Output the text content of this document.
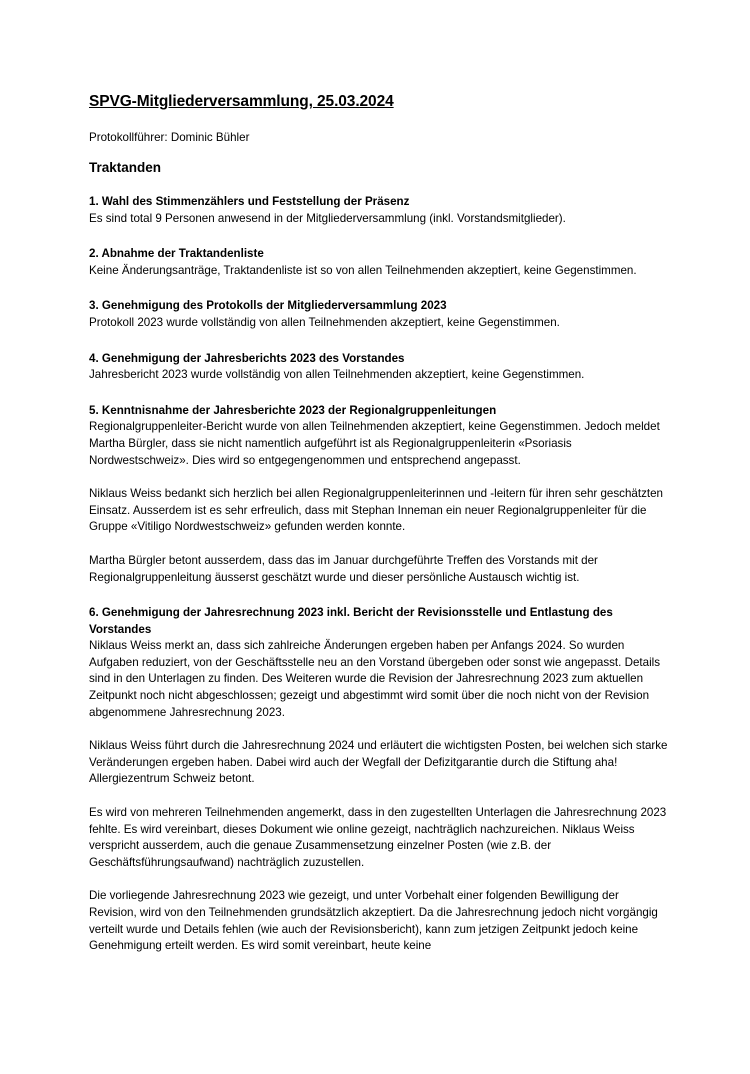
SPVG-Mitgliederversammlung, 25.03.2024

Protokollführer: Dominic Bühler

Traktanden

1. Wahl des Stimmenzählers und Feststellung der Präsenz

Es sind total 9 Personen anwesend in der Mitgliederversammlung (inkl. Vorstandsmitglieder).

2. Abnahme der Traktandenliste

Keine Änderungsanträge, Traktandenliste ist so von allen Teilnehmenden akzeptiert, keine Gegenstimmen.

3. Genehmigung des Protokolls der Mitgliederversammlung 2023

Protokoll 2023 wurde vollständig von allen Teilnehmenden akzeptiert, keine Gegenstimmen.

4. Genehmigung der Jahresberichts 2023 des Vorstandes

Jahresbericht 2023 wurde vollständig von allen Teilnehmenden akzeptiert, keine Gegenstimmen.

5. Kenntnisnahme der Jahresberichte 2023 der Regionalgruppenleitungen

Regionalgruppenleiter-Bericht wurde von allen Teilnehmenden akzeptiert, keine Gegenstimmen. Jedoch meldet Martha Bürgler, dass sie nicht namentlich aufgeführt ist als Regionalgruppenleiterin «Psoriasis Nordwestschweiz». Dies wird so entgegengenommen und entsprechend angepasst.

Niklaus Weiss bedankt sich herzlich bei allen Regionalgruppenleiterinnen und -leitern für ihren sehr geschätzten Einsatz. Ausserdem ist es sehr erfreulich, dass mit Stephan Inneman ein neuer Regionalgruppenleiter für die Gruppe «Vitiligo Nordwestschweiz» gefunden werden konnte.

Martha Bürgler betont ausserdem, dass das im Januar durchgeführte Treffen des Vorstands mit der Regionalgruppenleitung äusserst geschätzt wurde und dieser persönliche Austausch wichtig ist.

6. Genehmigung der Jahresrechnung 2023 inkl. Bericht der Revisionsstelle und Entlastung des Vorstandes

Niklaus Weiss merkt an, dass sich zahlreiche Änderungen ergeben haben per Anfangs 2024. So wurden Aufgaben reduziert, von der Geschäftsstelle neu an den Vorstand übergeben oder sonst wie angepasst. Details sind in den Unterlagen zu finden. Des Weiteren wurde die Revision der Jahresrechnung 2023 zum aktuellen Zeitpunkt noch nicht abgeschlossen; gezeigt und abgestimmt wird somit über die noch nicht von der Revision abgenommene Jahresrechnung 2023.

Niklaus Weiss führt durch die Jahresrechnung 2024 und erläutert die wichtigsten Posten, bei welchen sich starke Veränderungen ergeben haben. Dabei wird auch der Wegfall der Defizitgarantie durch die Stiftung aha! Allergiezentrum Schweiz betont.

Es wird von mehreren Teilnehmenden angemerkt, dass in den zugestellten Unterlagen die Jahresrechnung 2023 fehlte. Es wird vereinbart, dieses Dokument wie online gezeigt, nachträglich nachzureichen. Niklaus Weiss verspricht ausserdem, auch die genaue Zusammensetzung einzelner Posten (wie z.B. der Geschäftsführungsaufwand) nachträglich zuzustellen.

Die vorliegende Jahresrechnung 2023 wie gezeigt, und unter Vorbehalt einer folgenden Bewilligung der Revision, wird von den Teilnehmenden grundsätzlich akzeptiert. Da die Jahresrechnung jedoch nicht vorgängig verteilt wurde und Details fehlen (wie auch der Revisionsbericht), kann zum jetzigen Zeitpunkt jedoch keine Genehmigung erteilt werden. Es wird somit vereinbart, heute keine
